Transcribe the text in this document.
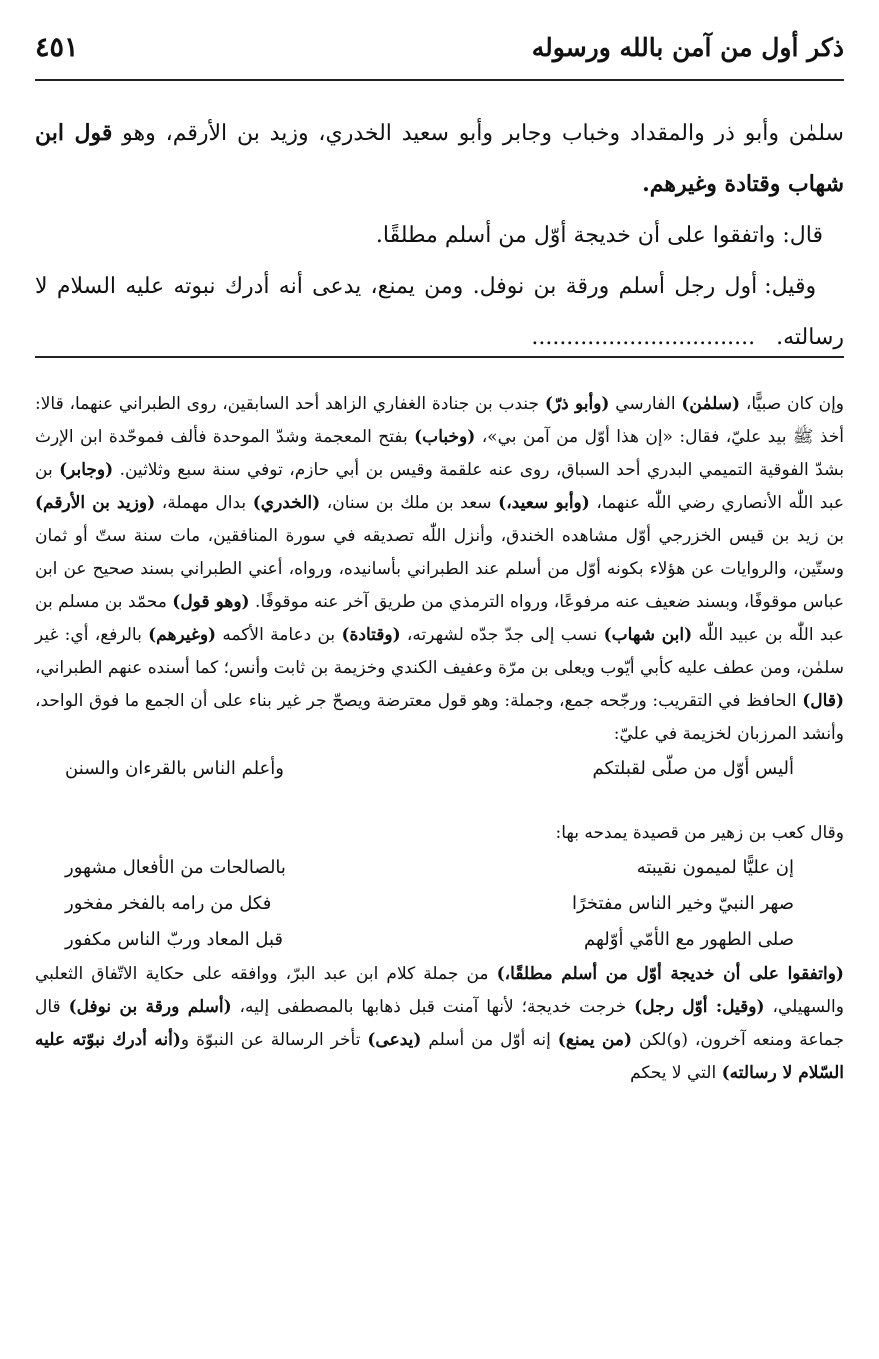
ذكر أول من آمن بالله ورسوله
٤٥١

سلمٰن وأبو ذر والمقداد وخباب وجابر وأبو سعيد الخدري، وزيد بن الأرقم، وهو قول ابن شهاب وقتادة وغيرهم.

قال: واتفقوا على أن خديجة أوّل من أسلم مطلقًا.

وقيل: أول رجل أسلم ورقة بن نوفل. ومن يمنع، يدعى أنه أدرك نبوته عليه السلام لا رسالته.   ................................

وإن كان صبيًّا، (سلمٰن) الفارسي (وأبو ذرّ) جندب بن جنادة الغفاري الزاهد أحد السابقين، روى الطبراني عنهما، قالا: أخذ ﷺ بيد عليّ، فقال: «إن هذا أوّل من آمن بي»، (وخباب) بفتح المعجمة وشدّ الموحدة فألف فموحّدة ابن الإرث بشدّ الفوقية التميمي البدري أحد السباق، روى عنه علقمة وقيس بن أبي حازم، توفي سنة سبع وثلاثين. (وجابر) بن عبد اللّٰه الأنصاري رضي اللّٰه عنهما، (وأبو سعيد،) سعد بن ملك بن سنان، (الخدري) بدال مهملة، (وزيد بن الأرقم) بن زيد بن قيس الخزرجي أوّل مشاهده الخندق، وأنزل اللّٰه تصديقه في سورة المنافقين، مات سنة ستّ أو ثمان وستّين، والروايات عن هؤلاء بكونه أوّل من أسلم عند الطبراني بأسانيده، ورواه، أعني الطبراني بسند صحيح عن ابن عباس موقوفًا، وبسند ضعيف عنه مرفوعًا، ورواه الترمذي من طريق آخر عنه موقوفًا. (وهو قول) محمّد بن مسلم بن عبد اللّٰه بن عبيد اللّٰه (ابن شهاب) نسب إلى جدّ جدّه لشهرته، (وقتادة) بن دعامة الأكمه (وغيرهم) بالرفع، أي: غير سلمٰن، ومن عطف عليه كأبي أيّوب ويعلى بن مرّة وعفيف الكندي وخزيمة بن ثابت وأنس؛ كما أسنده عنهم الطبراني، (قال) الحافظ في التقريب: ورجّحه جمع، وجملة: وهو قول معترضة ويصحّ جر غير بناء على أن الجمع ما فوق الواحد، وأنشد المرزبان لخزيمة في عليّ:

أليس أوّل من صلّى لقبلتكم
وأعلم الناس بالقرءان والسنن

وقال كعب بن زهير من قصيدة يمدحه بها:

إن عليًّا لميمون نقيبته
بالصالحات من الأفعال مشهور
صهر النبيّ وخير الناس مفتخرًا
فكل من رامه بالفخر مفخور
صلى الطهور مع الأمّي أوّلهم
قبل المعاد وربّ الناس مكفور

(واتفقوا على أن خديجة أوّل من أسلم مطلقًا،) من جملة كلام ابن عبد البرّ، ووافقه على حكاية الاتّفاق الثعلبي والسهيلي، (وقيل: أوّل رجل) خرجت خديجة؛ لأنها آمنت قبل ذهابها بالمصطفى إليه، (أسلم ورقة بن نوفل) قال جماعة ومنعه آخرون، (و)لكن (من يمنع) إنه أوّل من أسلم (يدعى) تأخر الرسالة عن النبوّة و(أنه أدرك نبوّته عليه السّلام لا رسالته) التي لا يحكم
